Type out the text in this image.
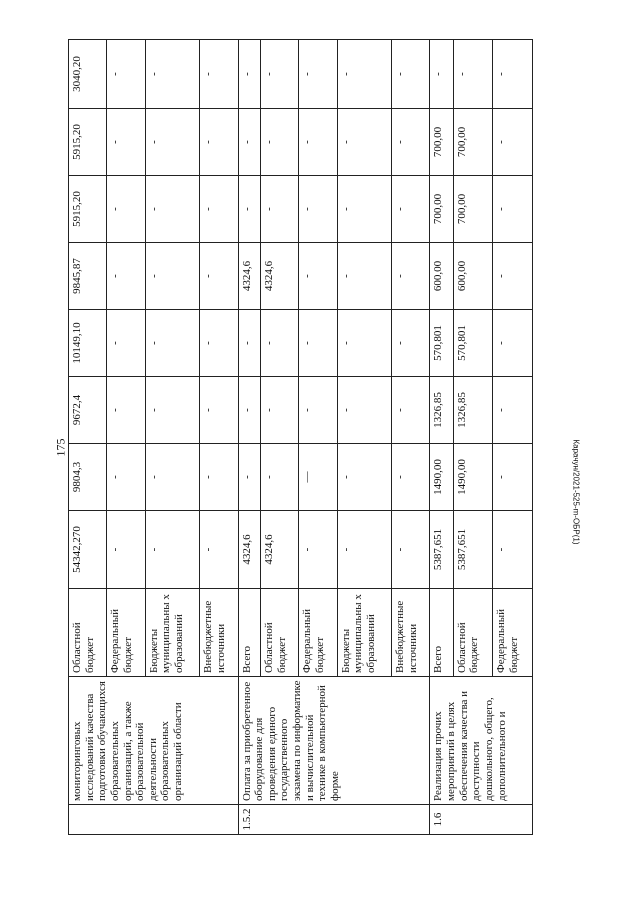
175	Карачун/2021-525-m-ОБР(1)
	мониторинговых исследований качества подготовки обучающихся образовательных организаций, а также образовательной деятельности образовательных организаций области	Областной бюджет	54342,270	9804,3	9672,4	10149,10	9845,87	5915,20	5915,20	3040,20
		Федеральный бюджет	-	-	-	-	-	-	-	-
		Бюджеты муниципальны х образований	-	-	-	-	-	-	-	-
		Внебюджетные источники	-	-	-	-	-	-	-	-
1.5.2	Оплата за приобретенное оборудование для проведения единого государственного экзамена по информатике и вычислительной технике в компьютерной форме	Всего	4324,6	-	-	-	4324,6	-	-	-
		Областной бюджет	4324,6	-	-	-	4324,6	-	-	-
		Федеральный бюджет	-	—	-	-	-	-	-	-
		Бюджеты муниципальны х образований	-	-	-	-	-	-	-	-
		Внебюджетные источники	-	-	-	-	-	-	-	-
1.6	Реализация прочих мероприятий в целях обеспечения качества и доступности дошкольного, общего, дополнительного и	Всего	5387,651	1490,00	1326,85	570,801	600,00	700,00	700,00	-
		Областной бюджет	5387,651	1490,00	1326,85	570,801	600,00	700,00	700,00	-
		Федеральный бюджет	-	-	-	-	-	-	-	-
